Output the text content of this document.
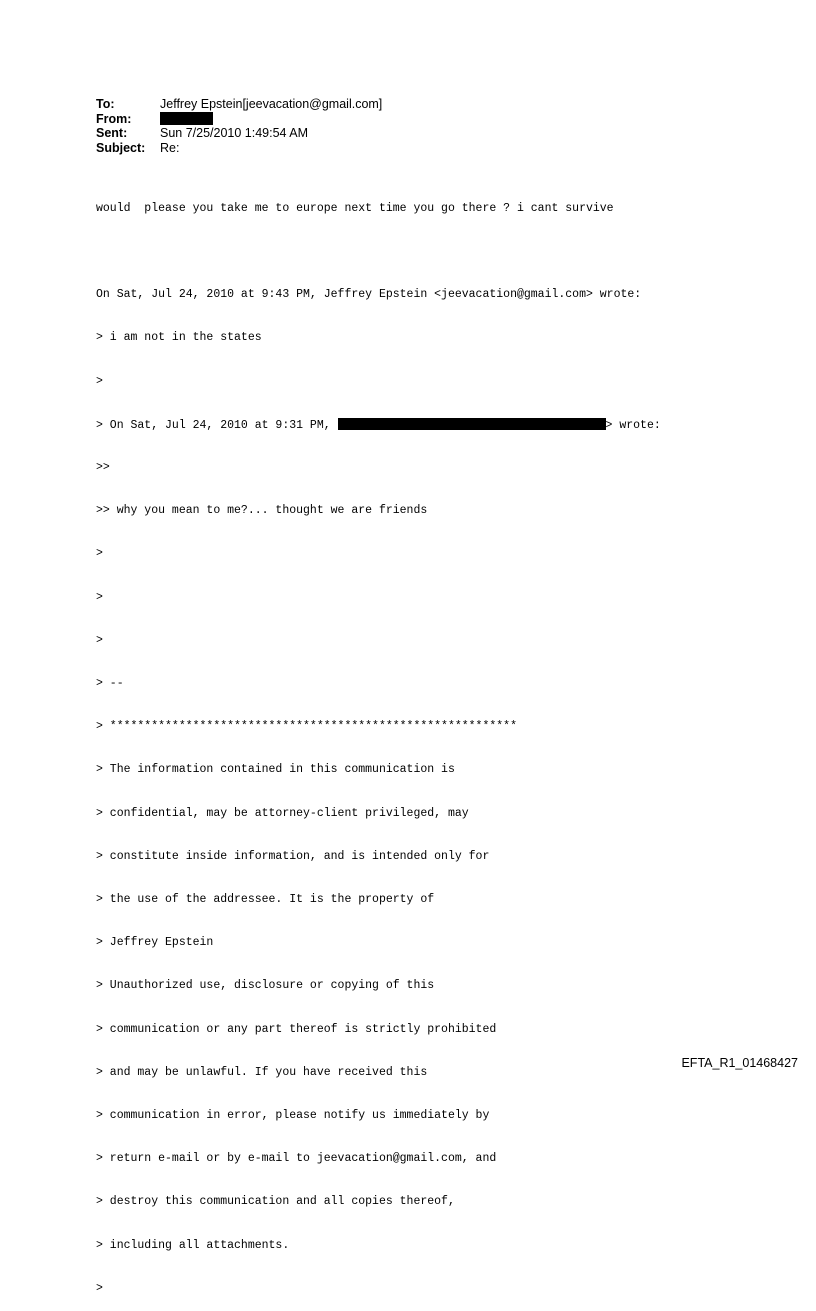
To:	Jeffrey Epstein[jeevacation@gmail.com]
From:
Sent:	Sun 7/25/2010 1:49:54 AM
Subject:	Re:

would  please you take me to europe next time you go there ? i cant survive

On Sat, Jul 24, 2010 at 9:43 PM, Jeffrey Epstein <jeevacation@gmail.com> wrote:

> i am not in the states

>

> On Sat, Jul 24, 2010 at 9:31 PM,	> wrote:

>>

>> why you mean to me?... thought we are friends

>

>

>

> --

> ***********************************************************

> The information contained in this communication is

> confidential, may be attorney-client privileged, may

> constitute inside information, and is intended only for

> the use of the addressee. It is the property of

> Jeffrey Epstein

> Unauthorized use, disclosure or copying of this

> communication or any part thereof is strictly prohibited

> and may be unlawful. If you have received this

> communication in error, please notify us immediately by

> return e-mail or by e-mail to jeevacation@gmail.com, and

> destroy this communication and all copies thereof,

> including all attachments.

>

EFTA_R1_01468427
